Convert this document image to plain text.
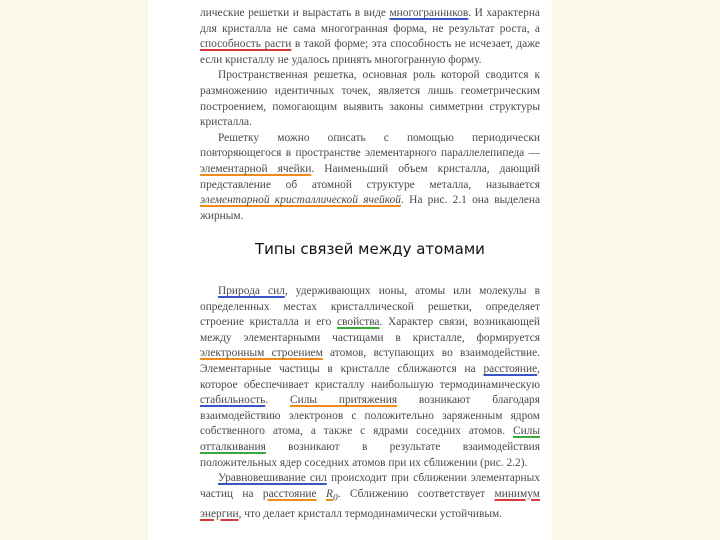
лические решетки и вырастать в виде многогранников. И характерна для кристалла не сама многогранная форма, не результат роста, а способность расти в такой форме; эта способность не исчезает, даже если кристаллу не удалось принять многогранную форму.

Пространственная решетка, основная роль которой сводится к размножению идентичных точек, является лишь геометрическим построением, помогающим выявить законы симметрии структуры кристалла.

Решетку можно описать с помощью периодически повторяющегося в пространстве элементарного параллелепипеда — элементарной ячейки. Наименьший объем кристалла, дающий представление об атомной структуре металла, называется элементарной кристаллической ячейкой. На рис. 2.1 она выделена жирным.

Типы связей между атомами

Природа сил, удерживающих ионы, атомы или молекулы в определенных местах кристаллической решетки, определяет строение кристалла и его свойства. Характер связи, возникающей между элементарными частицами в кристалле, формируется электронным строением атомов, вступающих во взаимодействие. Элементарные частицы в кристалле сближаются на расстояние, которое обеспечивает кристаллу наибольшую термодинамическую стабильность. Силы притяжения возникают благодаря взаимодействию электронов с положительно заряженным ядром собственного атома, а также с ядрами соседних атомов. Силы отталкивания возникают в результате взаимодействия положительных ядер соседних атомов при их сближении (рис. 2.2).

Уравновешивание сил происходит при сближении элементарных частиц на расстояние $R_0$. Сближению соответствует минимум энергии, что делает кристалл термодинамически устойчивым.
